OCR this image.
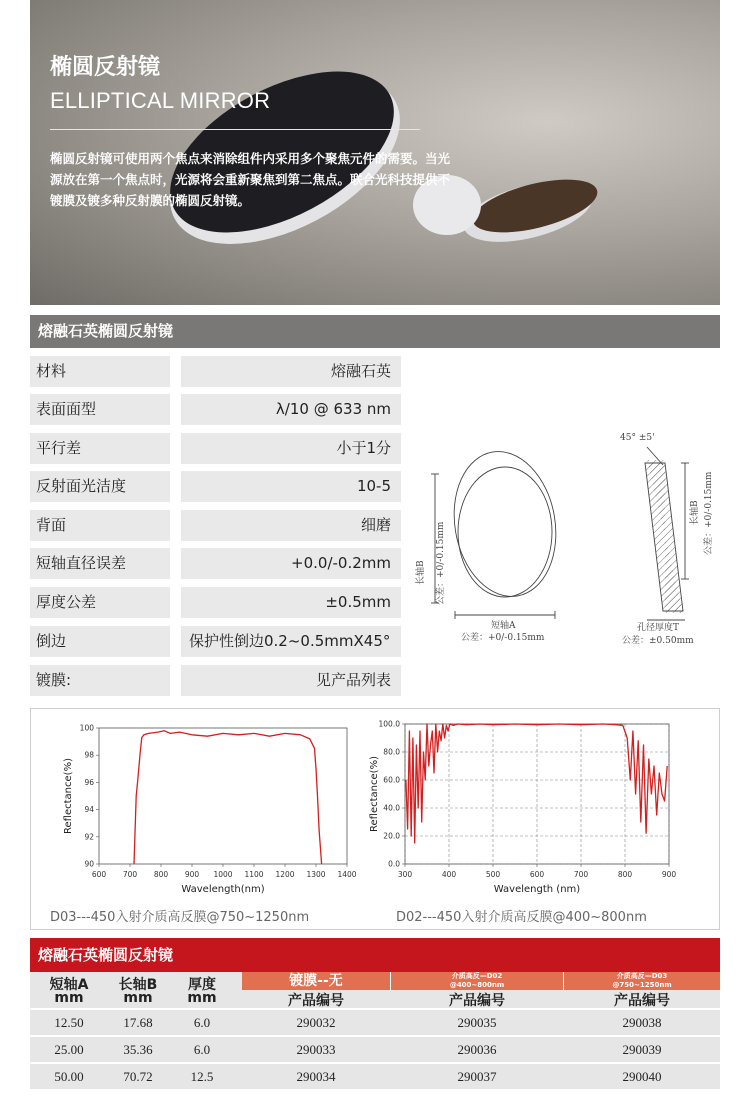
椭圆反射镜
ELLIPTICAL MIRROR
椭圆反射镜可使用两个焦点来消除组件内采用多个聚焦元件的需要。当光源放在第一个焦点时，光源将会重新聚焦到第二焦点。联合光科技提供不镀膜及镀多种反射膜的椭圆反射镜。
熔融石英椭圆反射镜
材料	熔融石英
表面面型	λ/10 @ 633 nm
平行差	小于1分
反射面光洁度	10-5
背面	细磨
短轴直径误差	+0.0/-0.2mm
厚度公差	±0.5mm
倒边	保护性倒边0.2~0.5mmX45°
镀膜:	见产品列表
长轴B 公差：+0/-0.15mm
短轴A
公差：+0/-0.15mm
45° ±5'
长轴B 公差：+0/-0.15mm
孔径厚度T
公差：±0.50mm
600 700 800 900 1000 1100 1200 1300 1400
90
92
94
96
98
100
Wavelength(nm)
Reflectance(%)
300	400	500	600	700	800	900
0.0
20.0
40.0
60.0
80.0
100.0
Wavelength (nm)
Reflectance(%)
D03---450入射介质高反膜@750~1250nm	D02---450入射介质高反膜@400~800nm
熔融石英椭圆反射镜
短轴A
mm
长轴B
mm
厚度
mm
镀膜--无	介质高反—D02
@400~800nm
介质高反—D03
@750~1250nm
产品编号	产品编号	产品编号
12.50	17.68	6.0	290032	290035	290038
25.00	35.36	6.0	290033	290036	290039
50.00	70.72	12.5	290034	290037	290040
